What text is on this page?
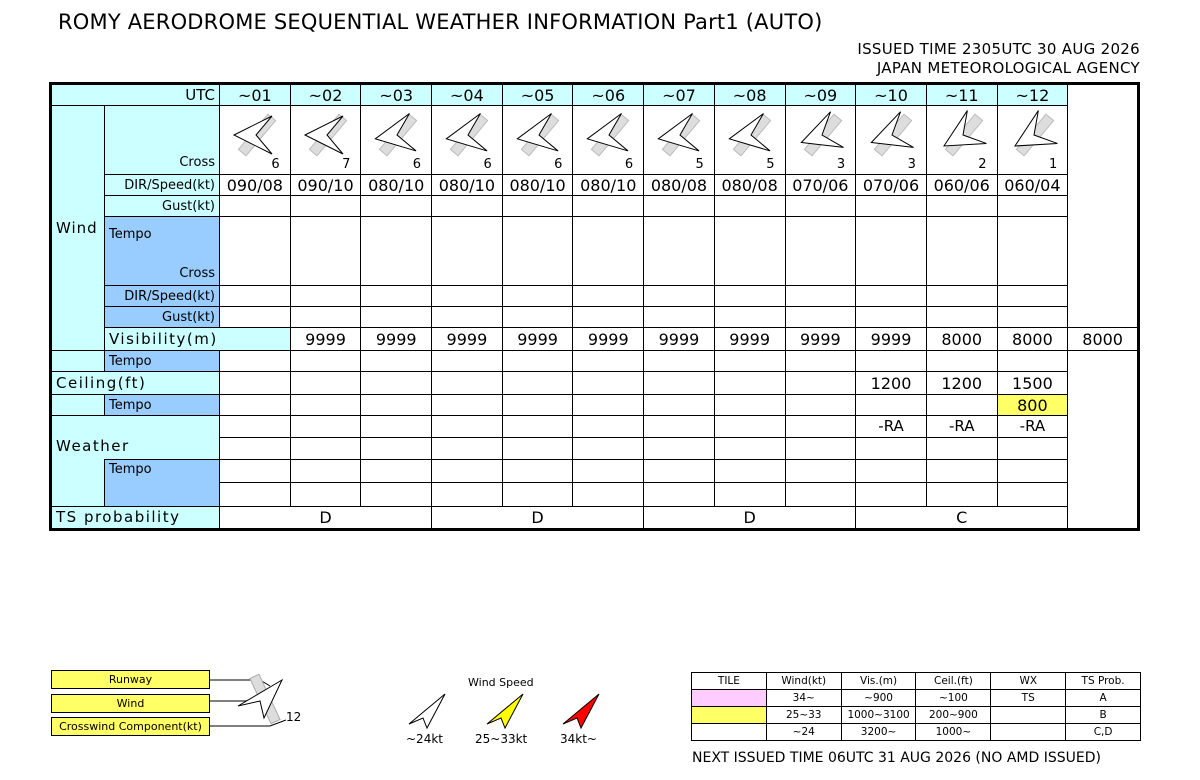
ROMY AERODROME SEQUENTIAL WEATHER INFORMATION Part1 (AUTO)
ISSUED TIME 2305UTC 30 AUG 2026
JAPAN METEOROLOGICAL AGENCY
UTC		~01	~02	~03	~04	~05	~06	~07	~08	~09	~10	~11	~12	
Wind	Cross	6	7	6	6	6	6	5	5	3	3	2	1	

	DIR/Speed(kt)	090/08	090/10	080/10	080/10	080/10	080/10	080/08	080/08	070/06	070/06	060/06	060/04	
	Gust(kt)													

	Tempo
Cross													

	DIR/Speed(kt)													
	Gust(kt)													
	Visibility(m)		9999	9999	9999	9999	9999	9999	9999	9999	9999	8000	8000	8000
	Tempo													
Ceiling(ft)											1200	1200	1500	
	Tempo												800	
											-RA	-RA	-RA	
Weather														
	Tempo													

TS probability		D			D			D			C			
Runway
Wind
Crosswind Component(kt)
12
Wind Speed
~24kt	25~33kt	34kt~
TILE	Wind(kt)	Vis.(m)	Ceil.(ft)	WX	TS Prob.
	34~	~900	~100	TS	A
	25~33	1000~3100	200~900		B
	~24	3200~	1000~		C,D
NEXT ISSUED TIME 06UTC 31 AUG 2026 (NO AMD ISSUED)
